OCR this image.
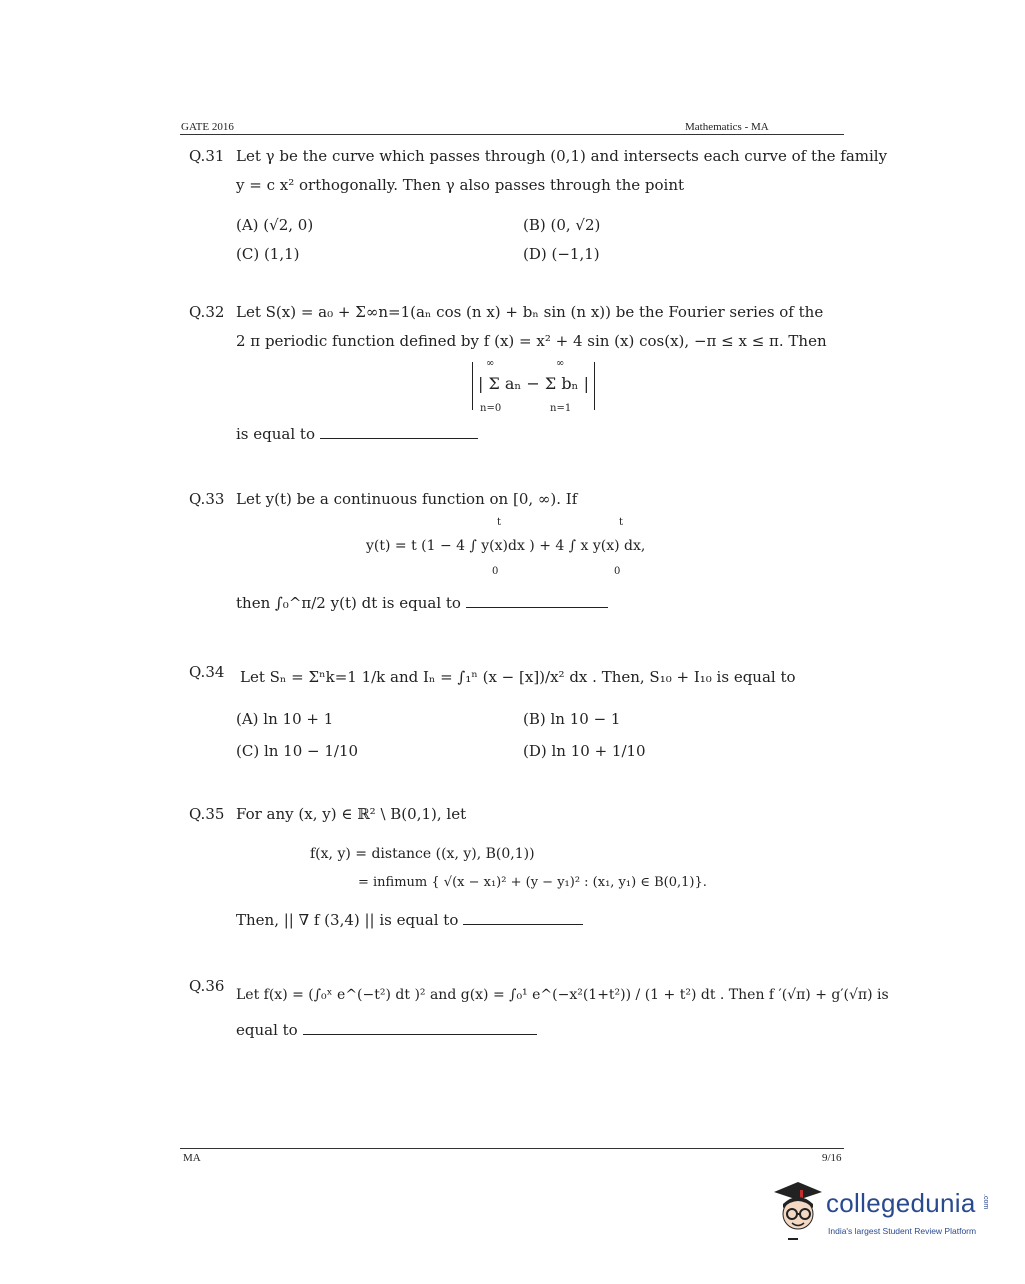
GATE 2016	Mathematics - MA
Q.31 Let γ be the curve which passes through (0,1) and intersects each curve of the family
y = c x² orthogonally. Then γ also passes through the point
(A) (√2, 0)	(B) (0, √2)
(C) (1,1)	(D) (−1,1)
Q.32 Let S(x) = a₀ + Σ∞n=1(aₙ cos (n x) + bₙ sin (n x)) be the Fourier series of the
2 π periodic function defined by f (x) = x² + 4 sin (x) cos(x), −π ≤ x ≤ π. Then
∞
n=0
∞
n=1
| Σ aₙ − Σ bₙ |
is equal to
Q.33 Let y(t) be a continuous function on [0, ∞). If
t
0
t
0
y(t) = t (1 − 4 ∫ y(x)dx ) + 4 ∫ x y(x) dx,
then ∫₀^π/2 y(t) dt is equal to
Q.34 Let Sₙ = Σⁿk=1 1/k and Iₙ = ∫₁ⁿ (x − [x])/x² dx . Then, S₁₀ + I₁₀ is equal to
(A) ln 10 + 1	(B) ln 10 − 1
(C) ln 10 − 1/10	(D) ln 10 + 1/10
Q.35 For any (x, y) ∈ ℝ² \ B(0,1), let
f(x, y) = distance ((x, y), B(0,1))
= infimum { √(x − x₁)² + (y − y₁)² : (x₁, y₁) ∈ B(0,1)}.
Then, || ∇ f (3,4) || is equal to
Q.36 Let f(x) = (∫₀ˣ e^(−t²) dt )² and g(x) = ∫₀¹ e^(−x²(1+t²)) / (1 + t²) dt . Then f ′(√π) + g′(√π) is
equal to
MA	9/16
collegedunia .com
India's largest Student Review Platform
